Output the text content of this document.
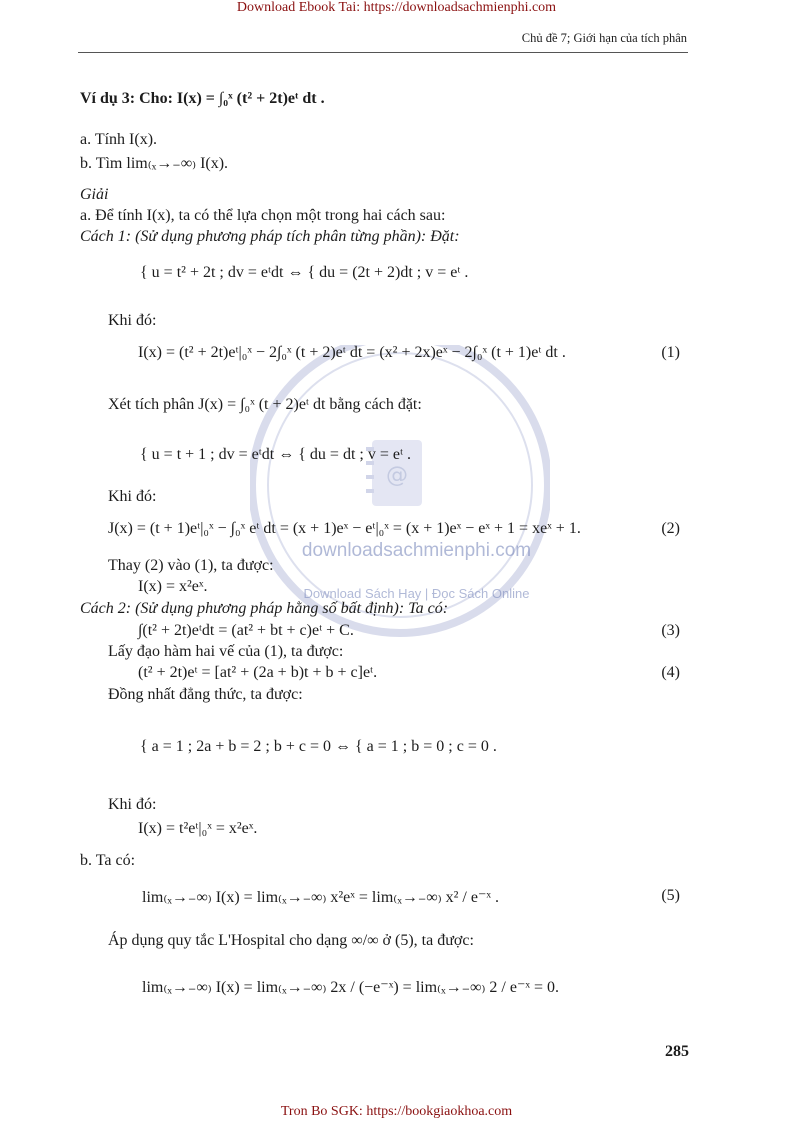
@
downloadsachmienphi.com
Download Sách Hay | Đọc Sách Online
Download Ebook Tai: https://downloadsachmienphi.com
Chủ đề 7; Giới hạn của tích phân
Ví dụ 3: Cho: I(x) = ∫₀ˣ (t² + 2t)eᵗ dt .
a. Tính I(x).
b. Tìm lim₍ₓ→₋∞₎ I(x).
Giải
a. Để tính I(x), ta có thể lựa chọn một trong hai cách sau:
Cách 1: (Sử dụng phương pháp tích phân từng phần): Đặt:
{ u = t² + 2t ; dv = eᵗdt ⇔ { du = (2t + 2)dt ; v = eᵗ .
Khi đó:
I(x) = (t² + 2t)eᵗ|₀ˣ − 2∫₀ˣ (t + 2)eᵗ dt = (x² + 2x)eˣ − 2∫₀ˣ (t + 1)eᵗ dt .	(1)
Xét tích phân J(x) = ∫₀ˣ (t + 2)eᵗ dt bằng cách đặt:
{ u = t + 1 ; dv = eᵗdt ⇔ { du = dt ; v = eᵗ .
Khi đó:
J(x) = (t + 1)eᵗ|₀ˣ − ∫₀ˣ eᵗ dt = (x + 1)eˣ − eᵗ|₀ˣ = (x + 1)eˣ − eˣ + 1 = xeˣ + 1.	(2)
Thay (2) vào (1), ta được:
I(x) = x²eˣ.
Cách 2: (Sử dụng phương pháp hằng số bất định): Ta có:
∫(t² + 2t)eᵗdt = (at² + bt + c)eᵗ + C.	(3)
Lấy đạo hàm hai vế của (1), ta được:
(t² + 2t)eᵗ = [at² + (2a + b)t + b + c]eᵗ.	(4)
Đồng nhất đẳng thức, ta được:
{ a = 1 ; 2a + b = 2 ; b + c = 0 ⇔ { a = 1 ; b = 0 ; c = 0 .
Khi đó:
I(x) = t²eᵗ|₀ˣ = x²eˣ.
b. Ta có:
lim₍ₓ→₋∞₎ I(x) = lim₍ₓ→₋∞₎ x²eˣ = lim₍ₓ→₋∞₎ x² / e⁻ˣ .	(5)
Áp dụng quy tắc L'Hospital cho dạng ∞/∞ ở (5), ta được:
lim₍ₓ→₋∞₎ I(x) = lim₍ₓ→₋∞₎ 2x / (−e⁻ˣ) = lim₍ₓ→₋∞₎ 2 / e⁻ˣ = 0.
285
Tron Bo SGK: https://bookgiaokhoa.com
